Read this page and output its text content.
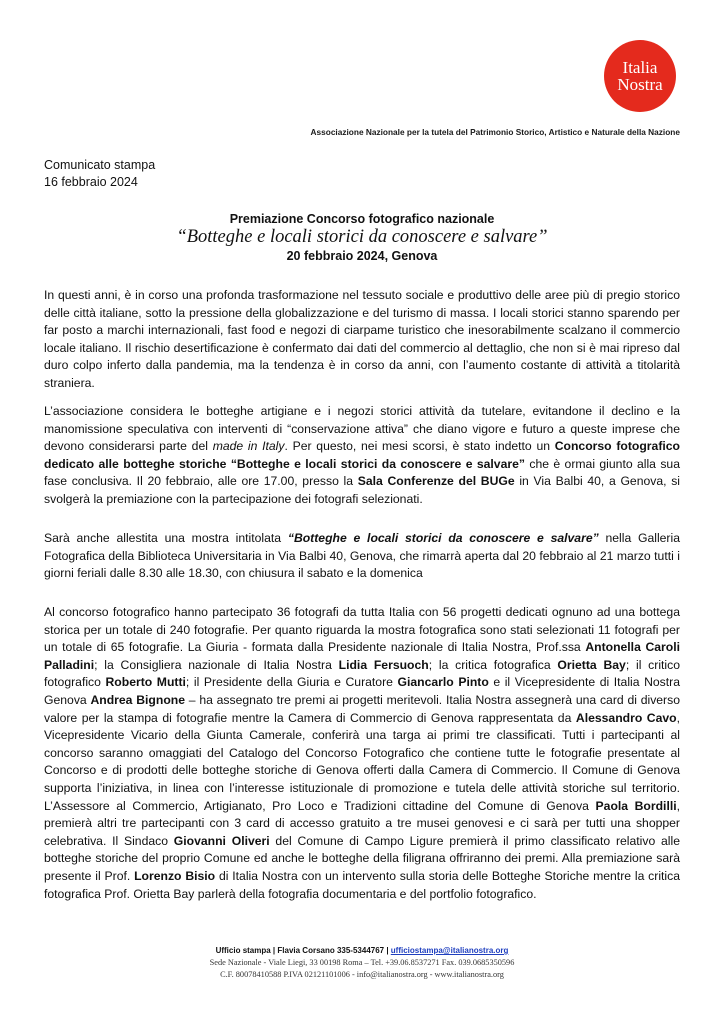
Italia
Nostra
Associazione Nazionale per la tutela del Patrimonio Storico, Artistico e Naturale della Nazione
Comunicato stampa
16 febbraio 2024
Premiazione Concorso fotografico nazionale
“Botteghe e locali storici da conoscere e salvare”
20 febbraio 2024, Genova

In questi anni, è in corso una profonda trasformazione nel tessuto sociale e produttivo delle aree più di pregio storico delle città italiane, sotto la pressione della globalizzazione e del turismo di massa. I locali storici stanno sparendo per far posto a marchi internazionali, fast food e negozi di ciarpame turistico che inesorabilmente scalzano il commercio locale italiano. Il rischio desertificazione è confermato dai dati del commercio al dettaglio, che non si è mai ripreso dal duro colpo inferto dalla pandemia, ma la tendenza è in corso da anni, con l’aumento costante di attività a titolarità straniera.

L’associazione considera le botteghe artigiane e i negozi storici attività da tutelare, evitandone il declino e la manomissione speculativa con interventi di “conservazione attiva” che diano vigore e futuro a queste imprese che devono considerarsi parte del made in Italy. Per questo, nei mesi scorsi, è stato indetto un Concorso fotografico dedicato alle botteghe storiche “Botteghe e locali storici da conoscere e salvare” che è ormai giunto alla sua fase conclusiva. Il 20 febbraio, alle ore 17.00, presso la Sala Conferenze del BUGe in Via Balbi 40, a Genova, si svolgerà la premiazione con la partecipazione dei fotografi selezionati.

Sarà anche allestita una mostra intitolata “Botteghe e locali storici da conoscere e salvare” nella Galleria Fotografica della Biblioteca Universitaria in Via Balbi 40, Genova, che rimarrà aperta dal 20 febbraio al 21 marzo tutti i giorni feriali dalle 8.30 alle 18.30, con chiusura il sabato e la domenica

Al concorso fotografico hanno partecipato 36 fotografi da tutta Italia con 56 progetti dedicati ognuno ad una bottega storica per un totale di 240 fotografie. Per quanto riguarda la mostra fotografica sono stati selezionati 11 fotografi per un totale di 65 fotografie. La Giuria - formata dalla Presidente nazionale di Italia Nostra, Prof.ssa Antonella Caroli Palladini; la Consigliera nazionale di Italia Nostra Lidia Fersuoch; la critica fotografica Orietta Bay; il critico fotografico Roberto Mutti; il Presidente della Giuria e Curatore Giancarlo Pinto e il Vicepresidente di Italia Nostra Genova Andrea Bignone – ha assegnato tre premi ai progetti meritevoli. Italia Nostra assegnerà una card di diverso valore per la stampa di fotografie mentre la Camera di Commercio di Genova rappresentata da Alessandro Cavo, Vicepresidente Vicario della Giunta Camerale, conferirà una targa ai primi tre classificati. Tutti i partecipanti al concorso saranno omaggiati del Catalogo del Concorso Fotografico che contiene tutte le fotografie presentate al Concorso e di prodotti delle botteghe storiche di Genova offerti dalla Camera di Commercio. Il Comune di Genova supporta l’iniziativa, in linea con l’interesse istituzionale di promozione e tutela delle attività storiche sul territorio. L’Assessore al Commercio, Artigianato, Pro Loco e Tradizioni cittadine del Comune di Genova Paola Bordilli, premierà altri tre partecipanti con 3 card di accesso gratuito a tre musei genovesi e ci sarà per tutti una shopper celebrativa. Il Sindaco Giovanni Oliveri del Comune di Campo Ligure premierà il primo classificato relativo alle botteghe storiche del proprio Comune ed anche le botteghe della filigrana offriranno dei premi. Alla premiazione sarà presente il Prof. Lorenzo Bisio di Italia Nostra con un intervento sulla storia delle Botteghe Storiche mentre la critica fotografica Prof. Orietta Bay parlerà della fotografia documentaria e del portfolio fotografico.

Ufficio stampa | Flavia Corsano 335-5344767 | ufficiostampa@italianostra.org
Sede Nazionale - Viale Liegi, 33 00198 Roma – Tel. +39.06.8537271 Fax. 039.0685350596
C.F. 80078410588 P.IVA 02121101006 - info@italianostra.org - www.italianostra.org
